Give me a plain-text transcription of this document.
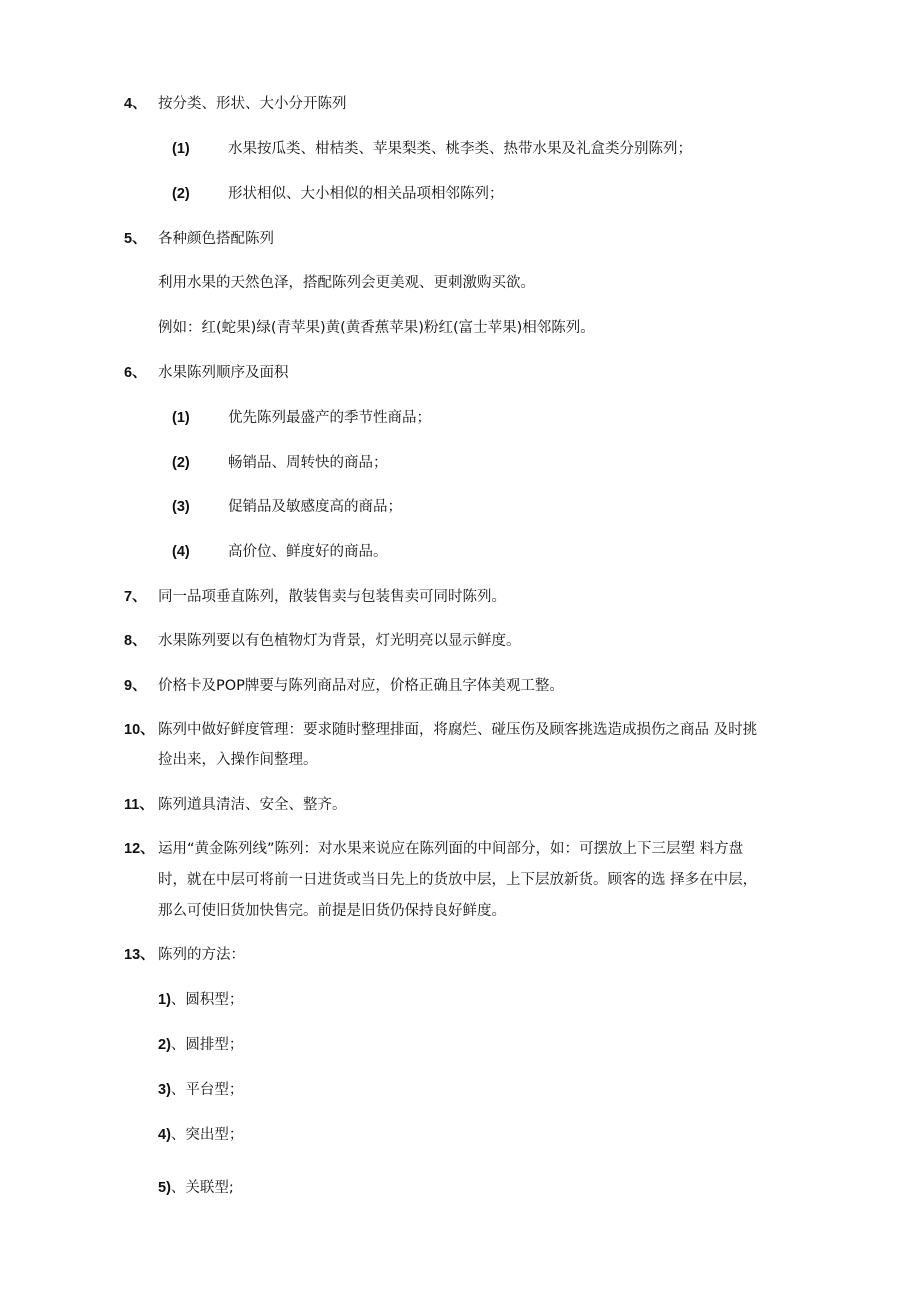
4、 按分类、形状、大小分开陈列
(1)	水果按瓜类、柑桔类、苹果梨类、桃李类、热带水果及礼盒类分别陈列；
(2)	形状相似、大小相似的相关品项相邻陈列；
5、 各种颜色搭配陈列
利用水果的天然色泽，搭配陈列会更美观、更刺激购买欲。
例如：红(蛇果)绿(青苹果)黄(黄香蕉苹果)粉红(富士苹果)相邻陈列。
6、 水果陈列顺序及面积
(1)	优先陈列最盛产的季节性商品；
(2)	畅销品、周转快的商品；
(3)	促销品及敏感度高的商品；
(4)	高价位、鲜度好的商品。
7、 同一品项垂直陈列，散装售卖与包装售卖可同时陈列。
8、 水果陈列要以有色植物灯为背景，灯光明亮以显示鲜度。
9、 价格卡及POP牌要与陈列商品对应，价格正确且字体美观工整。
10、 陈列中做好鲜度管理：要求随时整理排面，将腐烂、碰压伤及顾客挑选造成损伤之商品 及时挑
捡出来，入操作间整理。
11、 陈列道具清洁、安全、整齐。
12、 运用“黄金陈列线”陈列：对水果来说应在陈列面的中间部分，如：可摆放上下三层塑 料方盘
时，就在中层可将前一日进货或当日先上的货放中层，上下层放新货。顾客的选 择多在中层，
那么可使旧货加快售完。前提是旧货仍保持良好鲜度。
13、 陈列的方法：
1)、圆积型；
2)、圆排型；
3)、平台型；
4)、突出型；
5)、关联型;
